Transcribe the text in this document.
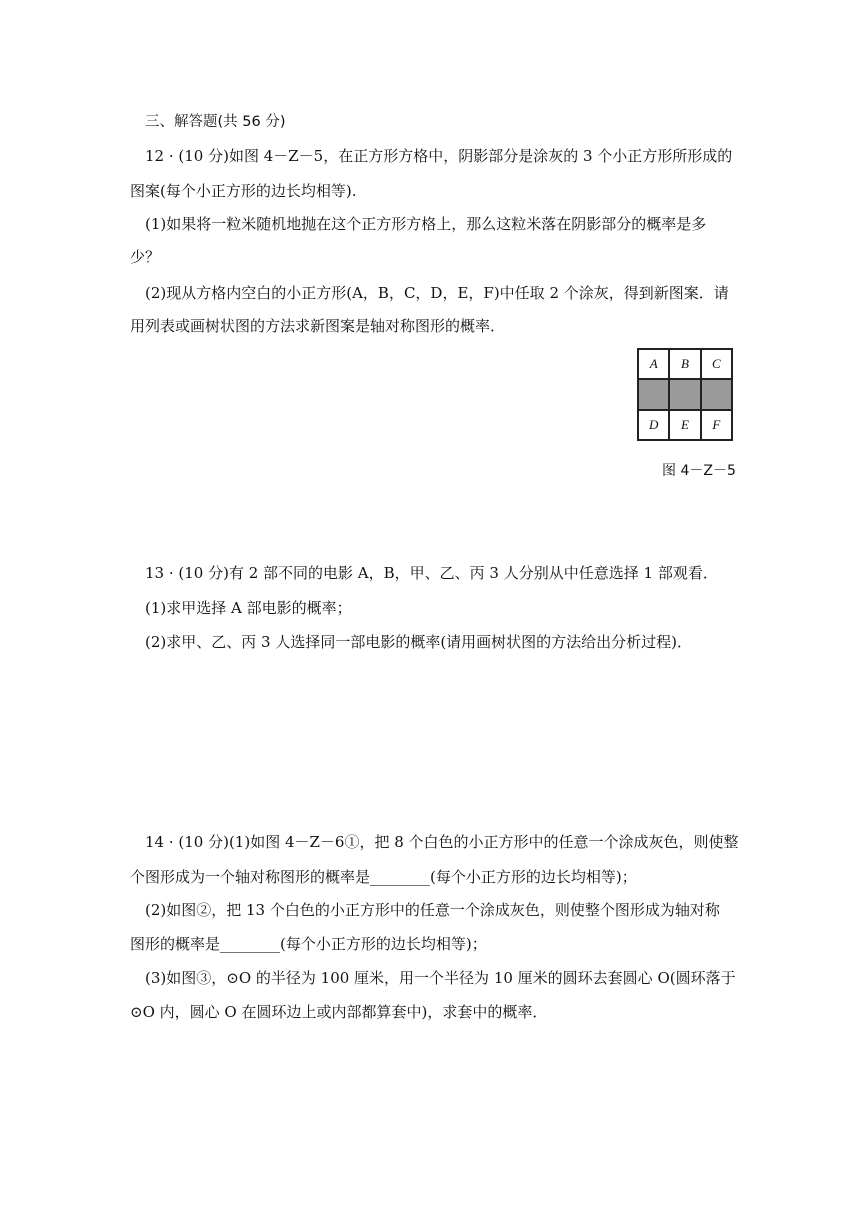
三、解答题(共 56 分)
12 · (10 分)如图 4－Z－5，在正方形方格中，阴影部分是涂灰的 3 个小正方形所形成的
图案(每个小正方形的边长均相等).
(1)如果将一粒米随机地抛在这个正方形方格上，那么这粒米落在阴影部分的概率是多
少？
(2)现从方格内空白的小正方形(A，B，C，D，E，F)中任取 2 个涂灰，得到新图案．请
用列表或画树状图的方法求新图案是轴对称图形的概率．
A	B	C
D	E	F
图 4－Z－5
13 · (10 分)有 2 部不同的电影 A，B，甲、乙、丙 3 人分别从中任意选择 1 部观看．
(1)求甲选择 A 部电影的概率；
(2)求甲、乙、丙 3 人选择同一部电影的概率(请用画树状图的方法给出分析过程)．
14 · (10 分)(1)如图 4－Z－6①，把 8 个白色的小正方形中的任意一个涂成灰色，则使整
个图形成为一个轴对称图形的概率是________(每个小正方形的边长均相等)；
(2)如图②，把 13 个白色的小正方形中的任意一个涂成灰色，则使整个图形成为轴对称
图形的概率是________(每个小正方形的边长均相等)；
(3)如图③，⊙O 的半径为 100 厘米，用一个半径为 10 厘米的圆环去套圆心 O(圆环落于
⊙O 内，圆心 O 在圆环边上或内部都算套中)，求套中的概率．
